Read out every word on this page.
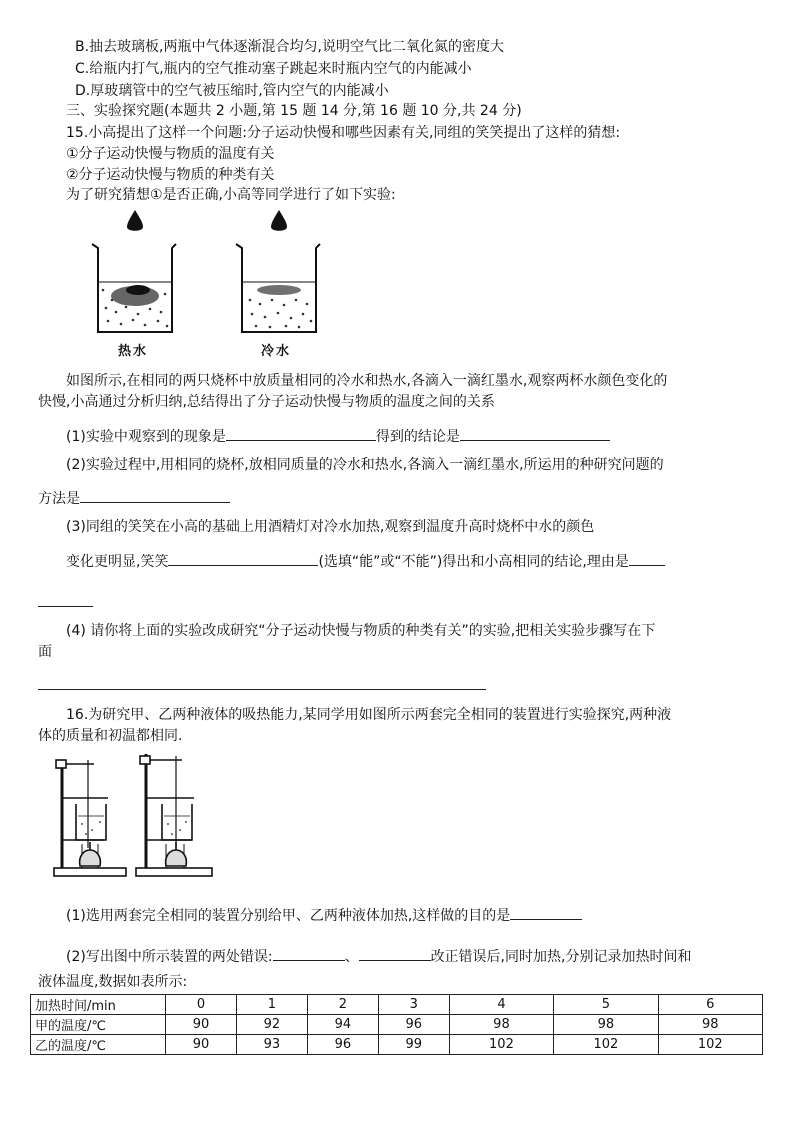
B.抽去玻璃板,两瓶中气体逐渐混合均匀,说明空气比二氧化氮的密度大
C.给瓶内打气,瓶内的空气推动塞子跳起来时瓶内空气的内能减小
D.厚玻璃管中的空气被压缩时,管内空气的内能减小
三、实验探究题(本题共 2 小题,第 15 题 14 分,第 16 题 10 分,共 24 分)
15.小高提出了这样一个问题:分子运动快慢和哪些因素有关,同组的笑笑提出了这样的猜想:
①分子运动快慢与物质的温度有关
②分子运动快慢与物质的种类有关
为了研究猜想①是否正确,小高等同学进行了如下实验:
热水	冷水
如图所示,在相同的两只烧杯中放质量相同的冷水和热水,各滴入一滴红墨水,观察两杯水颜色变化的
快慢,小高通过分析归纳,总结得出了分子运动快慢与物质的温度之间的关系
(1)实验中观察到的现象是	得到的结论是
(2)实验过程中,用相同的烧杯,放相同质量的冷水和热水,各滴入一滴红墨水,所运用的种研究问题的
方法是
(3)同组的笑笑在小高的基础上用酒精灯对冷水加热,观察到温度升高时烧杯中水的颜色
变化更明显,笑笑	(选填“能”或“不能”)得出和小高相同的结论,理由是
(4) 请你将上面的实验改成研究“分子运动快慢与物质的种类有关”的实验,把相关实验步骤写在下
面
16.为研究甲、乙两种液体的吸热能力,某同学用如图所示两套完全相同的装置进行实验探究,两种液
体的质量和初温都相同.
(1)选用两套完全相同的装置分别给甲、乙两种液体加热,这样做的目的是
(2)写出图中所示装置的两处错误:	、	改正错误后,同时加热,分别记录加热时间和
液体温度,数据如表所示:
加热时间/min	0	1	2	3	4	5	6
甲的温度/℃	90	92	94	96	98	98	98
乙的温度/℃	90	93	96	99	102	102	102
